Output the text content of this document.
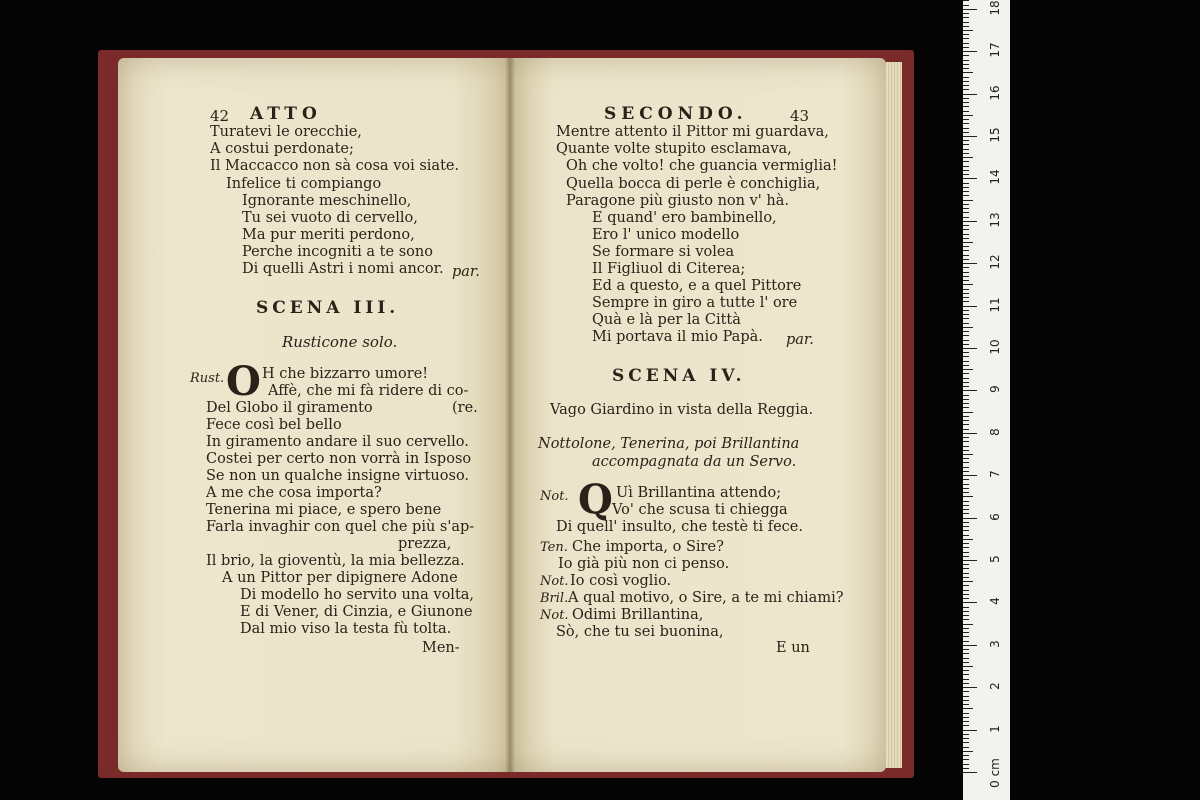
42 ATTO
Turatevi le orecchie,
A costui perdonate;
Il Maccacco non sà cosa voi siate.
Infelice ti compiango
Ignorante meschinello,
Tu sei vuoto di cervello,
Ma pur meriti perdono,
Perche incogniti a te sono
Di quelli Astri i nomi ancor. par.
SCENA III.
Rusticone solo.
Rust. O H che bizzarro umore!
Affè, che mi fà ridere di co-
Del Globo il giramento	(re.
Fece così bel bello
In giramento andare il suo cervello.
Costei per certo non vorrà in Isposo
Se non un qualche insigne virtuoso.
A me che cosa importa?
Tenerina mi piace, e spero bene
Farla invaghir con quel che più s'ap-
prezza,
Il brio, la gioventù, la mia bellezza.
A un Pittor per dipignere Adone
Di modello ho servito una volta,
E di Vener, di Cinzia, e Giunone
Dal mio viso la testa fù tolta.
Men-
SECONDO.	43
Mentre attento il Pittor mi guardava,
Quante volte stupito esclamava,
Oh che volto! che guancia vermiglia!
Quella bocca di perle è conchiglia,
Paragone più giusto non v' hà.
E quand' ero bambinello,
Ero l' unico modello
Se formare si volea
Il Figliuol di Citerea;
Ed a questo, e a quel Pittore
Sempre in giro a tutte l' ore
Quà e là per la Città
Mi portava il mio Papà. par.
SCENA IV.
Vago Giardino in vista della Reggia.
Nottolone, Tenerina, poi Brillantina
accompagnata da un Servo.
Not. Q Uì Brillantina attendo;
Vo' che scusa ti chiegga
Di quell' insulto, che testè ti fece.
Che importa, o Sire?
Io già più non ci penso.
Io così voglio.
A qual motivo, o Sire, a te mi chiami?
Odimi Brillantina,
Sò, che tu sei buonina,
Ten.
Not.
Bril.
Not.
E un
0 cm
1
2
3
4
5
6
7
8
9
10
11
12
13
14
15
16
17
18
